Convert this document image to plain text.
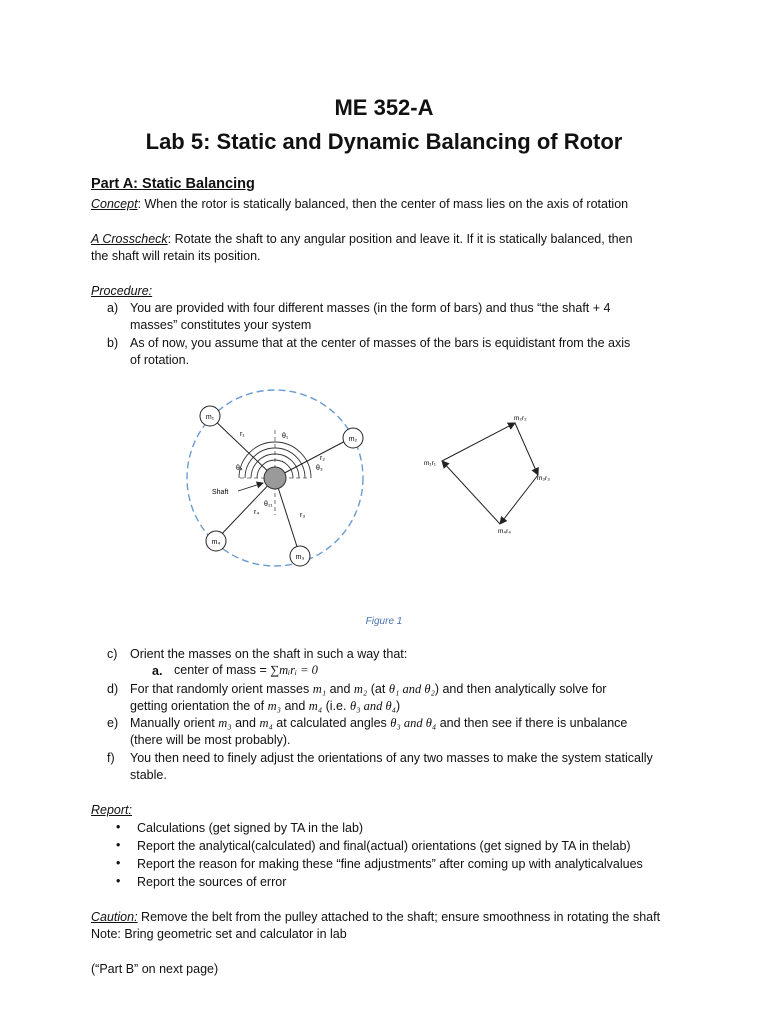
ME 352-A
Lab 5: Static and Dynamic Balancing of Rotor
Part A: Static Balancing
Concept: When the rotor is statically balanced, then the center of mass lies on the axis of rotation
A Crosscheck: Rotate the shaft to any angular position and leave it. If it is statically balanced, then
the shaft will retain its position.
Procedure:
a) You are provided with four different masses (in the form of bars) and thus “the shaft + 4
masses” constitutes your system
b) As of now, you assume that at the center of masses of the bars is equidistant from the axis
of rotation.
m₁
m₂
m₃
m₄
r₁
r₂
r₃
r₄
θ₁
θ₃
θ₄
θ₁₁
Shaft
m₁r₁
m₂r₂
m₃r₃
m₄r₄
Figure 1
c) Orient the masses on the shaft in such a way that:
a. center of mass = ∑mᵢrᵢ = 0
d) For that randomly orient masses m₁ and m₂ (at θ₁ and θ₂) and then analytically solve for
getting orientation the of m₃ and m₄ (i.e. θ₃ and θ₄)
e) Manually orient m₃ and m₄ at calculated angles θ₃ and θ₄ and then see if there is unbalance
(there will be most probably).
f) You then need to finely adjust the orientations of any two masses to make the system statically
stable.
Report:
• Calculations (get signed by TA in the lab)
• Report the analytical(calculated) and final(actual) orientations (get signed by TA in thelab)
• Report the reason for making these “fine adjustments” after coming up with analyticalvalues
• Report the sources of error
Caution: Remove the belt from the pulley attached to the shaft; ensure smoothness in rotating the shaft
Note: Bring geometric set and calculator in lab
(“Part B” on next page)
